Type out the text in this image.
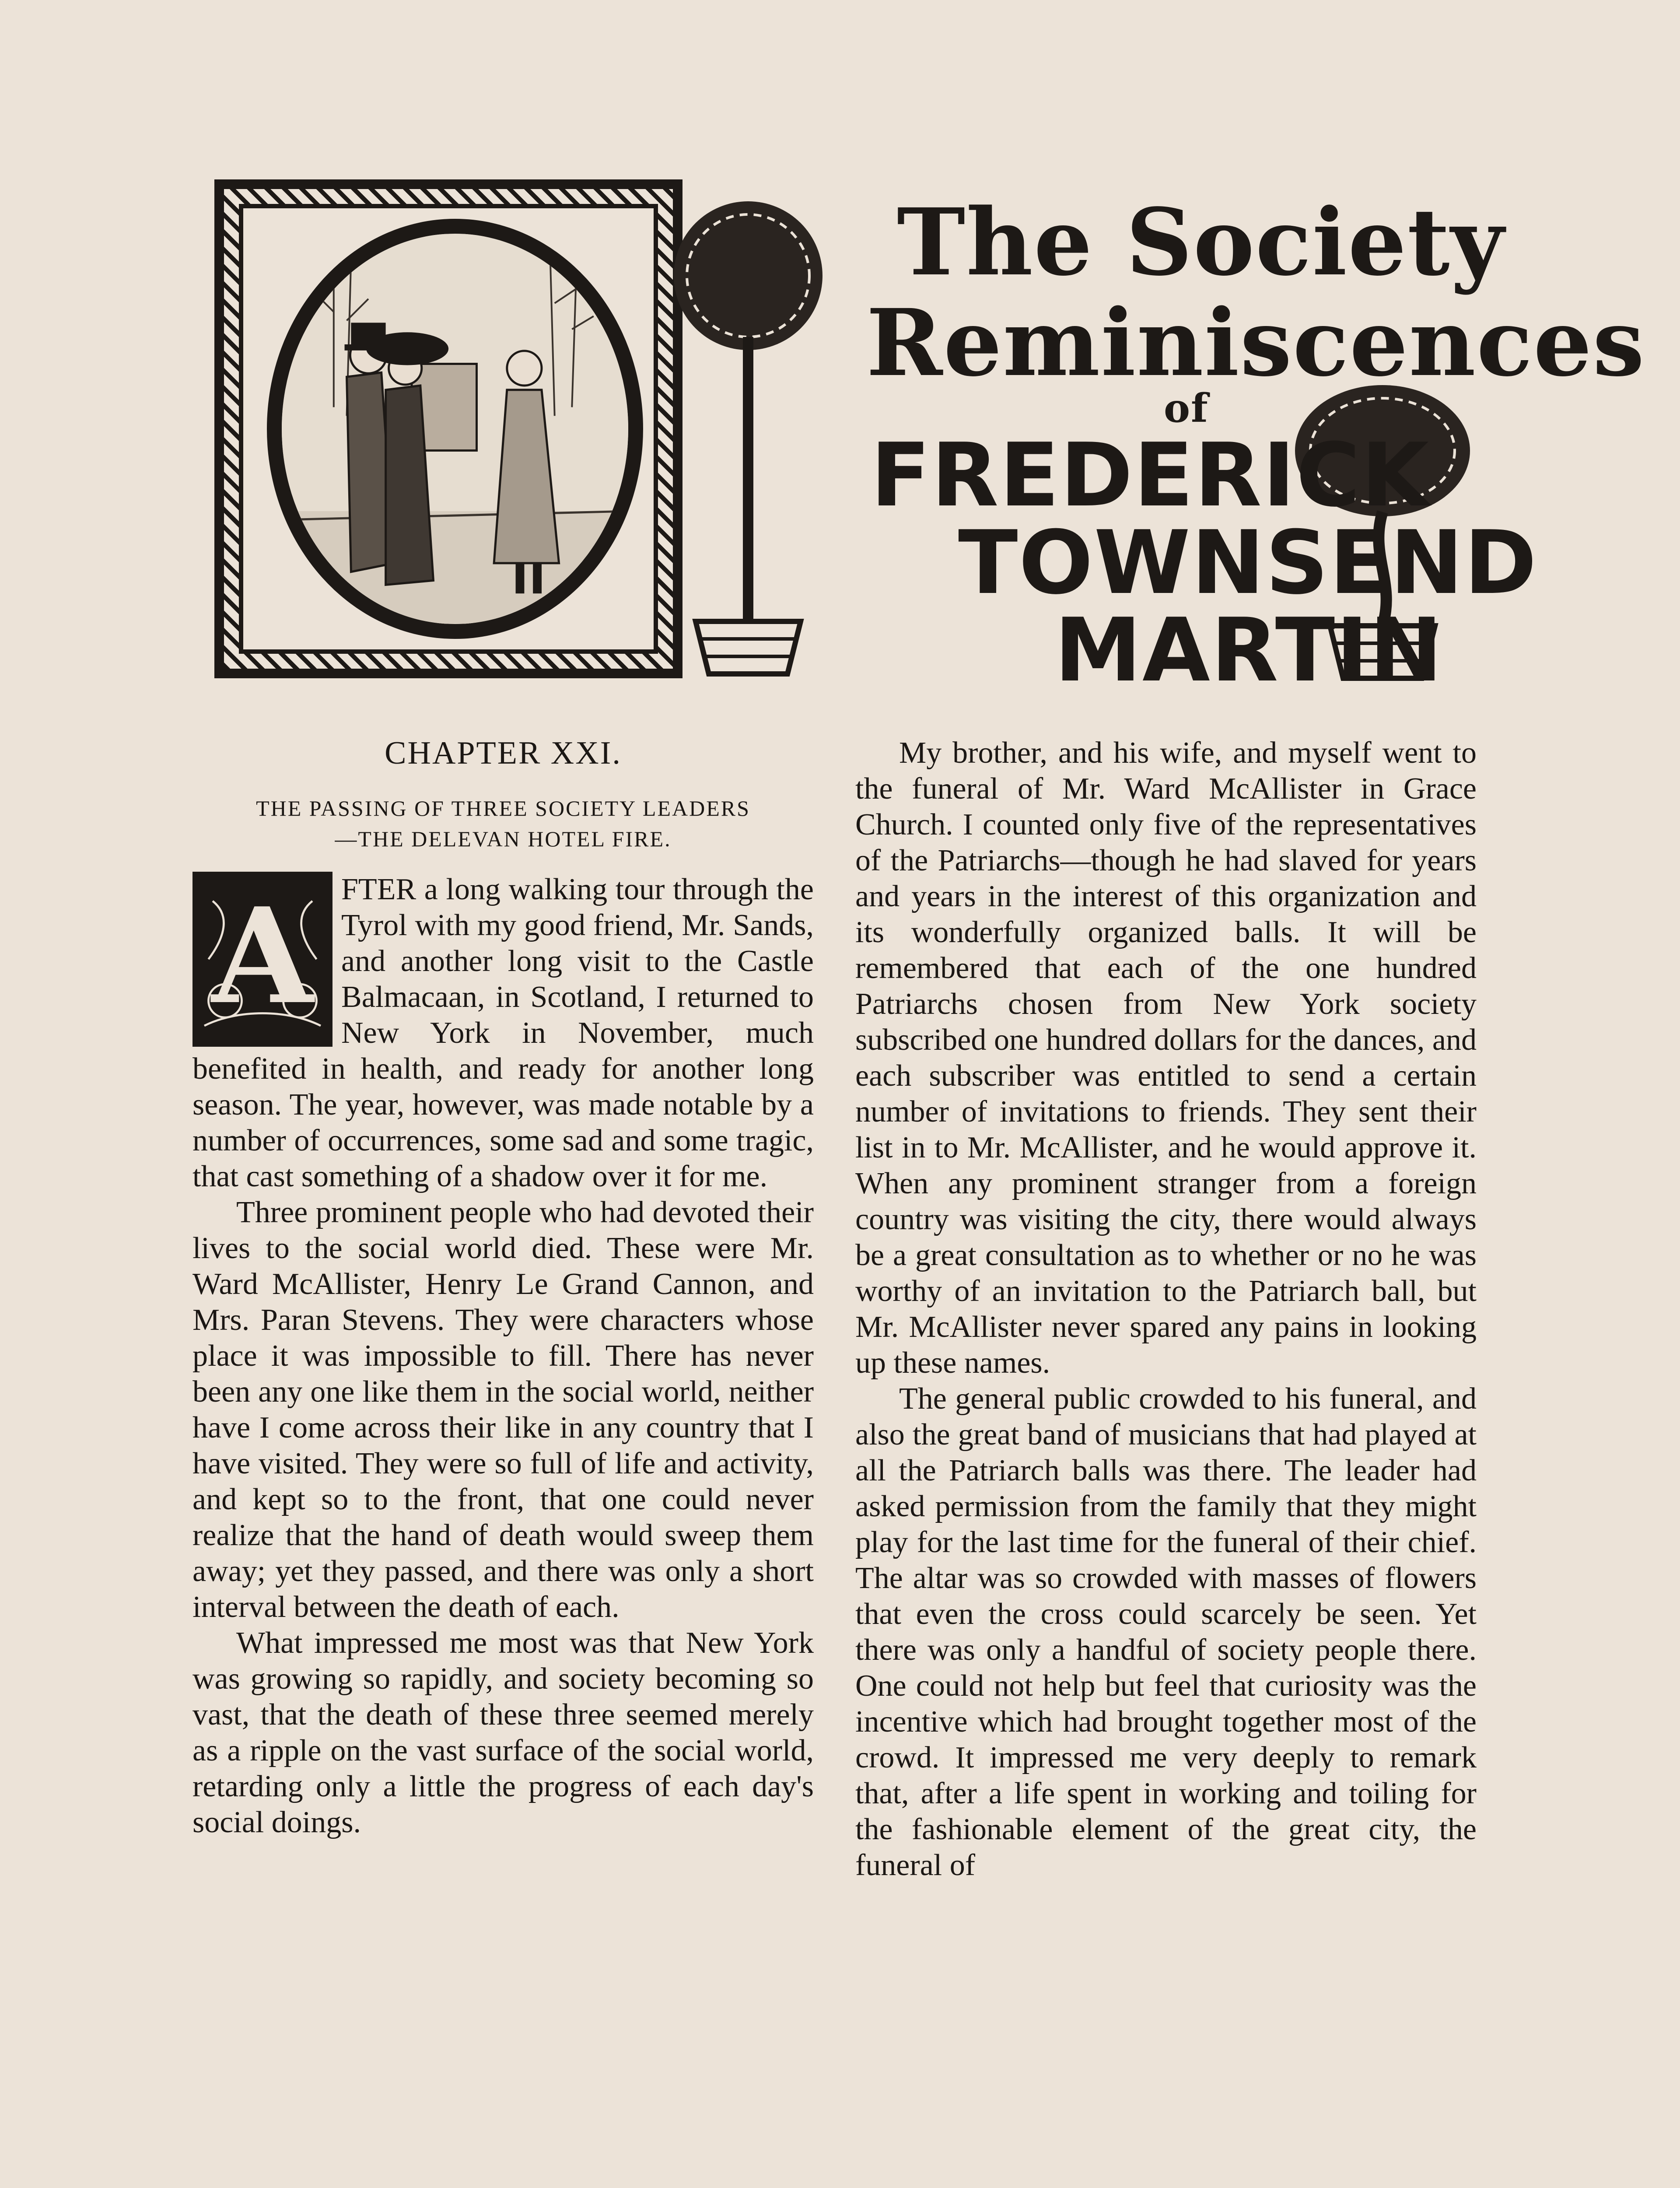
The Society
Reminiscences
of
FREDERICK
TOWNSEND
MARTIN
CHAPTER XXI.
THE PASSING OF THREE SOCIETY LEADERS
—THE DELEVAN HOTEL FIRE.
A FTER a long walking tour through the Tyrol with my good friend, Mr. Sands, and another long visit to the Castle Balmacaan, in Scotland, I returned to New York in November, much benefited in health, and ready for another long season. The year, however, was made notable by a number of occurrences, some sad and some tragic, that cast something of a shadow over it for me.

Three prominent people who had devoted their lives to the social world died. These were Mr. Ward McAllister, Henry Le Grand Cannon, and Mrs. Paran Stevens. They were characters whose place it was impossible to fill. There has never been any one like them in the social world, neither have I come across their like in any country that I have visited. They were so full of life and activity, and kept so to the front, that one could never realize that the hand of death would sweep them away; yet they passed, and there was only a short interval between the death of each.

What impressed me most was that New York was growing so rapidly, and society becoming so vast, that the death of these three seemed merely as a ripple on the vast surface of the social world, retarding only a little the progress of each day's social doings.

My brother, and his wife, and myself went to the funeral of Mr. Ward McAllister in Grace Church. I counted only five of the representatives of the Patriarchs—though he had slaved for years and years in the interest of this organization and its wonderfully organized balls. It will be remembered that each of the one hundred Patriarchs chosen from New York society subscribed one hundred dollars for the dances, and each subscriber was entitled to send a certain number of invitations to friends. They sent their list in to Mr. McAllister, and he would approve it. When any prominent stranger from a foreign country was visiting the city, there would always be a great consultation as to whether or no he was worthy of an invitation to the Patriarch ball, but Mr. McAllister never spared any pains in looking up these names.

The general public crowded to his funeral, and also the great band of musicians that had played at all the Patriarch balls was there. The leader had asked permission from the family that they might play for the last time for the funeral of their chief. The altar was so crowded with masses of flowers that even the cross could scarcely be seen. Yet there was only a handful of society people there. One could not help but feel that curiosity was the incentive which had brought together most of the crowd. It impressed me very deeply to remark that, after a life spent in working and toiling for the fashionable element of the great city, the funeral of
